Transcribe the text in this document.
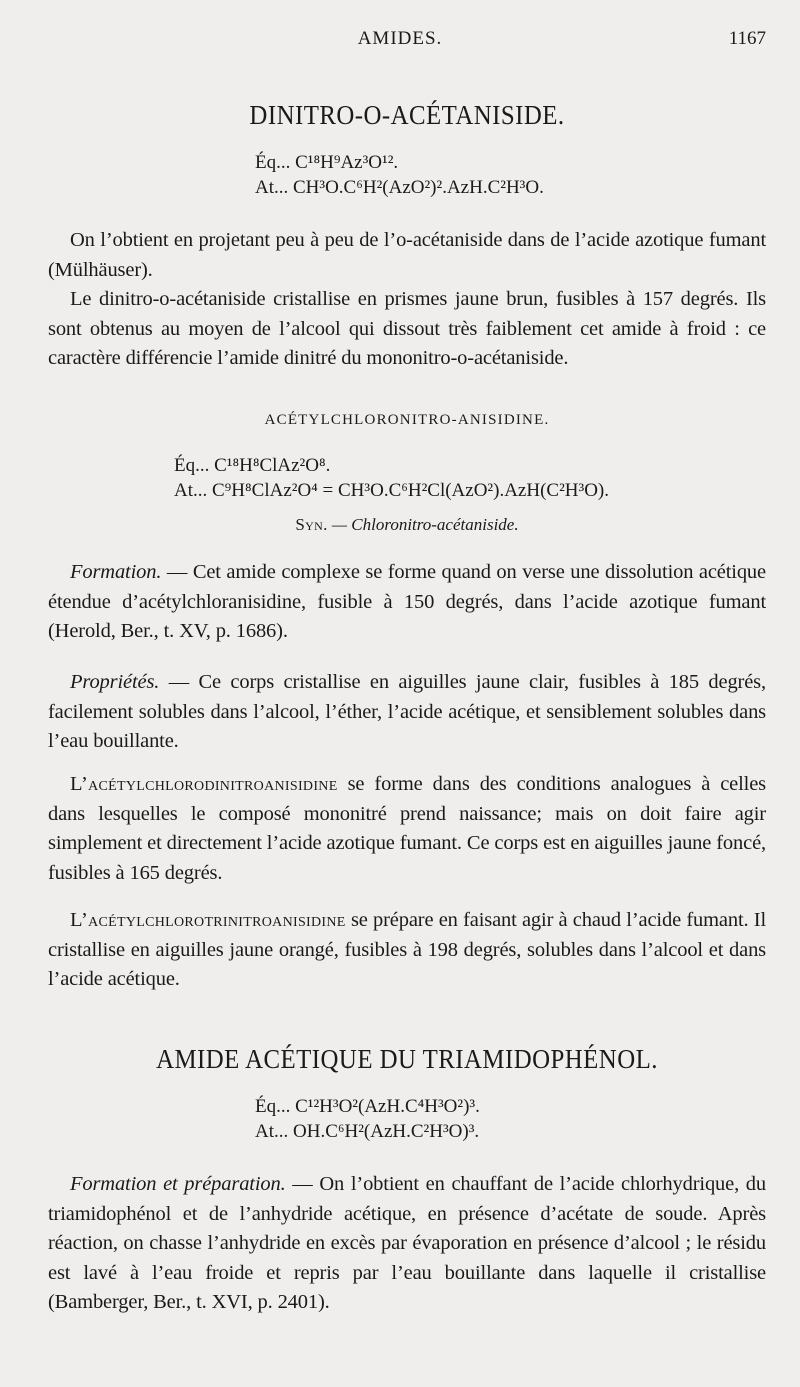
AMIDES.	1167
DINITRO-O-ACÉTANISIDE.
Éq... C¹⁸H⁹Az³O¹².
At... CH³O.C⁶H²(AzO²)².AzH.C²H³O.
On l’obtient en projetant peu à peu de l’o-acétaniside dans de l’acide azotique fumant (Mülhäuser).
Le dinitro-o-acétaniside cristallise en prismes jaune brun, fusibles à 157 degrés. Ils sont obtenus au moyen de l’alcool qui dissout très faiblement cet amide à froid : ce caractère différencie l’amide dinitré du mononitro-o-acétaniside.
ACÉTYLCHLORONITRO-ANISIDINE.
Éq... C¹⁸H⁸ClAz²O⁸.
At... C⁹H⁸ClAz²O⁴ = CH³O.C⁶H²Cl(AzO²).AzH(C²H³O).
Syn. — Chloronitro-acétaniside.
Formation. — Cet amide complexe se forme quand on verse une dissolution acétique étendue d’acétylchloranisidine, fusible à 150 degrés, dans l’acide azotique fumant (Herold, Ber., t. XV, p. 1686).
Propriétés. — Ce corps cristallise en aiguilles jaune clair, fusibles à 185 degrés, facilement solubles dans l’alcool, l’éther, l’acide acétique, et sensiblement solubles dans l’eau bouillante.
L’acétylchlorodinitroanisidine se forme dans des conditions analogues à celles dans lesquelles le composé mononitré prend naissance; mais on doit faire agir simplement et directement l’acide azotique fumant. Ce corps est en aiguilles jaune foncé, fusibles à 165 degrés.
L’acétylchlorotrinitroanisidine se prépare en faisant agir à chaud l’acide fumant. Il cristallise en aiguilles jaune orangé, fusibles à 198 degrés, solubles dans l’alcool et dans l’acide acétique.
AMIDE ACÉTIQUE DU TRIAMIDOPHÉNOL.
Éq... C¹²H³O²(AzH.C⁴H³O²)³.
At... OH.C⁶H²(AzH.C²H³O)³.
Formation et préparation. — On l’obtient en chauffant de l’acide chlorhydrique, du triamidophénol et de l’anhydride acétique, en présence d’acétate de soude. Après réaction, on chasse l’anhydride en excès par évaporation en présence d’alcool ; le résidu est lavé à l’eau froide et repris par l’eau bouillante dans laquelle il cristallise (Bamberger, Ber., t. XVI, p. 2401).
